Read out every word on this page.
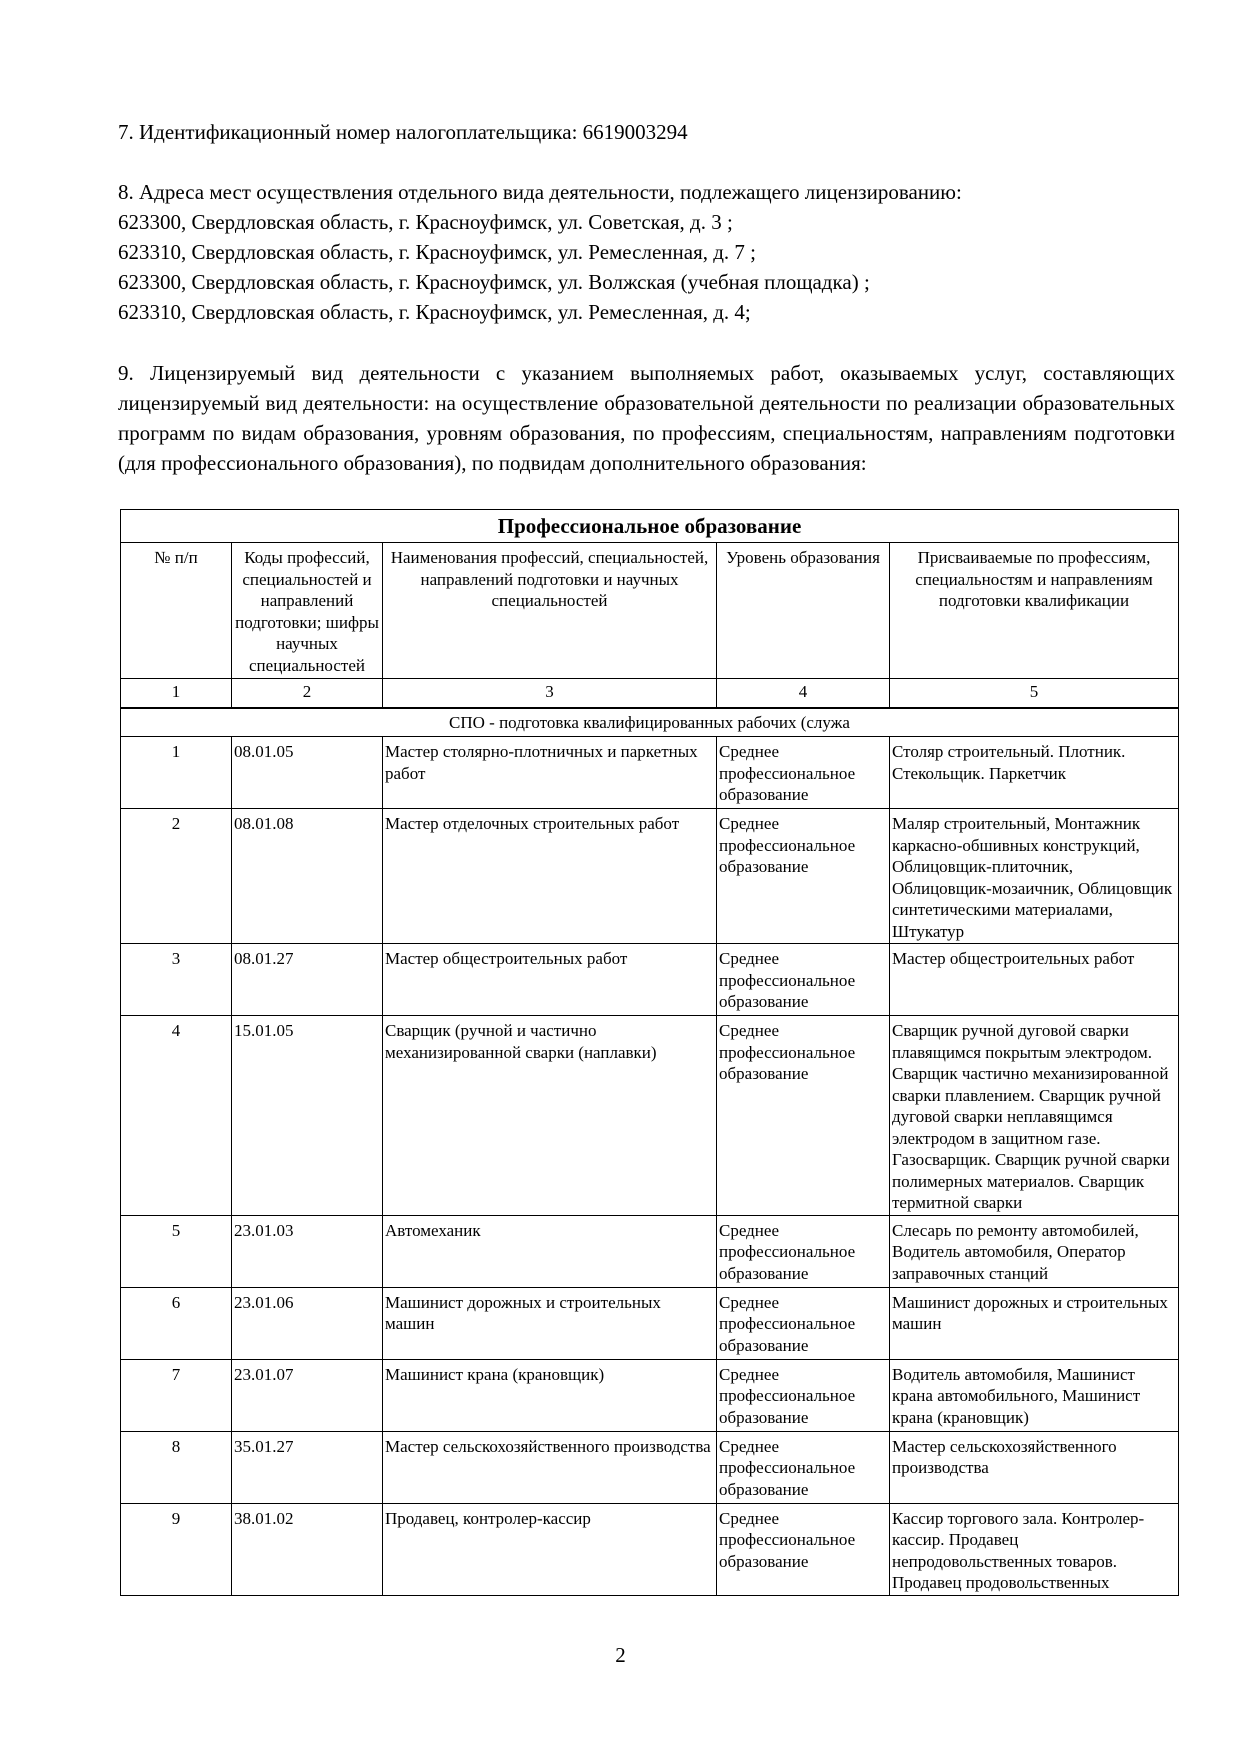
7. Идентификационный номер налогоплательщика: 6619003294
8. Адреса мест осуществления отдельного вида деятельности, подлежащего лицензированию:
623300, Свердловская область, г. Красноуфимск, ул. Советская, д. 3 ;
623310, Свердловская область, г. Красноуфимск, ул. Ремесленная, д. 7 ;
623300, Свердловская область, г. Красноуфимск, ул. Волжская (учебная площадка) ;
623310, Свердловская область, г. Красноуфимск, ул. Ремесленная, д. 4;
9. Лицензируемый вид деятельности с указанием выполняемых работ, оказываемых услуг, составляющих лицензируемый вид деятельности: на осуществление образовательной деятельности по реализации образовательных программ по видам образования, уровням образования, по профессиям, специальностям, направлениям подготовки (для профессионального образования), по подвидам дополнительного образования:
Профессиональное образование				
№ п/п	Коды профессий, специальностей и направлений подготовки; шифры научных специальностей	Наименования профессий, специальностей, направлений подготовки и научных специальностей	Уровень образования	Присваиваемые по профессиям, специальностям и направлениям подготовки квалификации
1	2	3	4	5
СПО - подготовка квалифицированных рабочих (служа				
1	08.01.05	Мастер столярно-плотничных и паркетных работ	Среднее профессиональное образование	Столяр строительный. Плотник. Стекольщик. Паркетчик
2	08.01.08	Мастер отделочных строительных работ	Среднее профессиональное образование	Маляр строительный, Монтажник каркасно-обшивных конструкций, Облицовщик-плиточник, Облицовщик-мозаичник, Облицовщик синтетическими материалами, Штукатур
3	08.01.27	Мастер общестроительных работ	Среднее профессиональное образование	Мастер общестроительных работ
4	15.01.05	Сварщик (ручной и частично механизированной сварки (наплавки)	Среднее профессиональное образование	Сварщик ручной дуговой сварки плавящимся покрытым электродом. Сварщик частично механизированной сварки плавлением. Сварщик ручной дуговой сварки неплавящимся электродом в защитном газе. Газосварщик. Сварщик ручной сварки полимерных материалов. Сварщик термитной сварки
5	23.01.03	Автомеханик	Среднее профессиональное образование	Слесарь по ремонту автомобилей, Водитель автомобиля, Оператор заправочных станций
6	23.01.06	Машинист дорожных и строительных машин	Среднее профессиональное образование	Машинист дорожных и строительных машин
7	23.01.07	Машинист крана (крановщик)	Среднее профессиональное образование	Водитель автомобиля, Машинист крана автомобильного, Машинист крана (крановщик)
8	35.01.27	Мастер сельскохозяйственного производства	Среднее профессиональное образование	Мастер сельскохозяйственного производства
9	38.01.02	Продавец, контролер-кассир	Среднее профессиональное образование	Кассир торгового зала. Контролер-кассир. Продавец непродовольственных товаров. Продавец продовольственных
2
